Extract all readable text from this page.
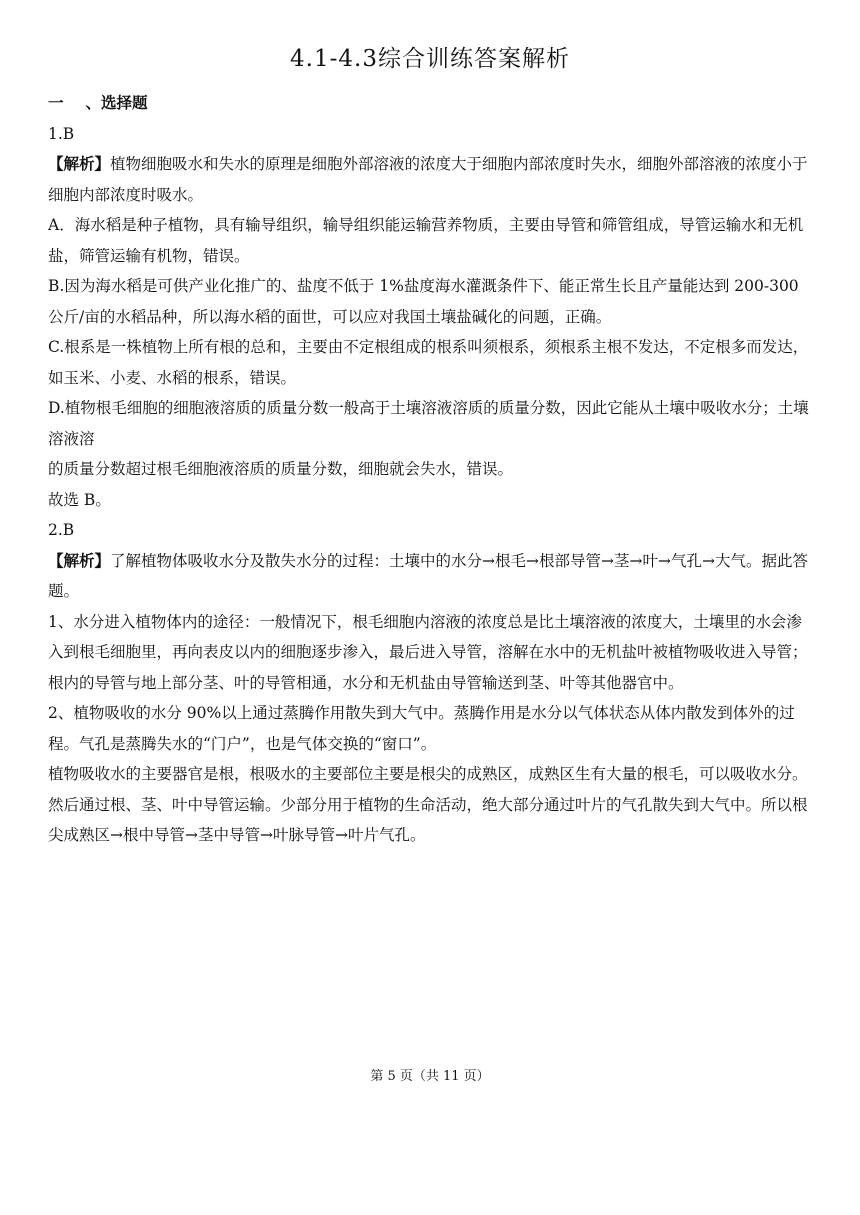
4.1-4.3综合训练答案解析

一 、选择题

1.B

【解析】植物细胞吸水和失水的原理是细胞外部溶液的浓度大于细胞内部浓度时失水，细胞外部溶液的浓度小于细胞内部浓度时吸水。

A．海水稻是种子植物，具有输导组织，输导组织能运输营养物质，主要由导管和筛管组成，导管运输水和无机盐，筛管运输有机物，错误。

B.因为海水稻是可供产业化推广的、盐度不低于 1%盐度海水灌溉条件下、能正常生长且产量能达到 200-300 公斤/亩的水稻品种，所以海水稻的面世，可以应对我国土壤盐碱化的问题，正确。

C.根系是一株植物上所有根的总和，主要由不定根组成的根系叫须根系，须根系主根不发达，不定根多而发达，如玉米、小麦、水稻的根系，错误。

D.植物根毛细胞的细胞液溶质的质量分数一般高于土壤溶液溶质的质量分数，因此它能从土壤中吸收水分；土壤溶液溶

的质量分数超过根毛细胞液溶质的质量分数，细胞就会失水，错误。

故选 B。

2.B

【解析】了解植物体吸收水分及散失水分的过程：土壤中的水分→根毛→根部导管→茎→叶→气孔→大气。据此答题。

1、水分进入植物体内的途径：一般情况下，根毛细胞内溶液的浓度总是比土壤溶液的浓度大，土壤里的水会渗入到根毛细胞里，再向表皮以内的细胞逐步渗入，最后进入导管，溶解在水中的无机盐叶被植物吸收进入导管；根内的导管与地上部分茎、叶的导管相通，水分和无机盐由导管输送到茎、叶等其他器官中。

2、植物吸收的水分 90%以上通过蒸腾作用散失到大气中。蒸腾作用是水分以气体状态从体内散发到体外的过程。气孔是蒸腾失水的“门户”，也是气体交换的“窗口”。

植物吸收水的主要器官是根，根吸水的主要部位主要是根尖的成熟区，成熟区生有大量的根毛，可以吸收水分。然后通过根、茎、叶中导管运输。少部分用于植物的生命活动，绝大部分通过叶片的气孔散失到大气中。所以根尖成熟区→根中导管→茎中导管→叶脉导管→叶片气孔。

第 5 页（共 11 页）
